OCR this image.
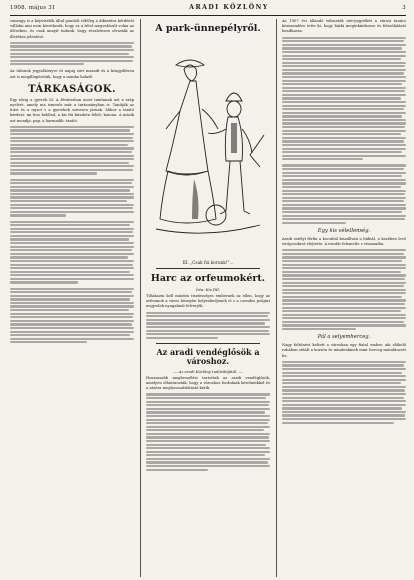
1908. május 31	ARADI KÖZLÖNY	3

vaneagy is a képviselők által gondolt röfőleg a diktatúra kérdését vállalni ami nem következik, hogy ez a tétel megvalósult volna az üléseken, és csak annyit tudunk, hogy részletesen olvasták az illetékes jelentést.

Az ülésnek jegyzőkönyve öt napig zárt maradt és a közgyűlésen azt is megállapították, hogy a munka haladt.

TÁRKASÁGOK.

Egy ideig a gyerek ül. A fővárosban most tanítanak azt a szép nyelvet, amely ma ismerős már a tartományban is. Tanítják az írást és a rajzot s a gyerekek szívesen járnak. Mikor a tanító kérdezi: mi lesz belőled, a kis fiú büszkén feleli: katona. A másik azt mondja: pap, a harmadik: tanító.

A park-ünnepélyről.
III. „Csak fiú korunk!"…
Harc az orfeumokért.
Írta: Kis Pál.

Tiltakozni kell minden tisztességes embernek az ellen, hogy az orfeumok a város közepén helyezkedjenek el s a csendes polgári negyedek nyugalmát felverjék.

Az aradi vendéglősök a városhoz.
— Az aradi Közlöny tudósítójától. —

Hosszasabb megbeszélést tartottak az aradi vendéglősök, amelyen elhatározták, hogy a városhoz fordulnak kérelmükkel és a záróra meghosszabbítását kérik.

Az 1907 évi állandó választók név-jegyzékét a városi tanács közszemlére tette ki, hogy bárki megtekinthesse és felszólalását beadhassa.

Egy kis véletlenség.

Aradi estélyi férfia a kocsiból kiszállván a hídnál, a kezében levő virágcsokrot elejtette. A rendőr felemelte s visszaadta.

Pál a selyemherceg.

Nagy feltűnést keltett a városban egy fiatal ember, aki előkelő ruhában sétált a korzón és mindenkinek mint herceg mutatkozott be.
